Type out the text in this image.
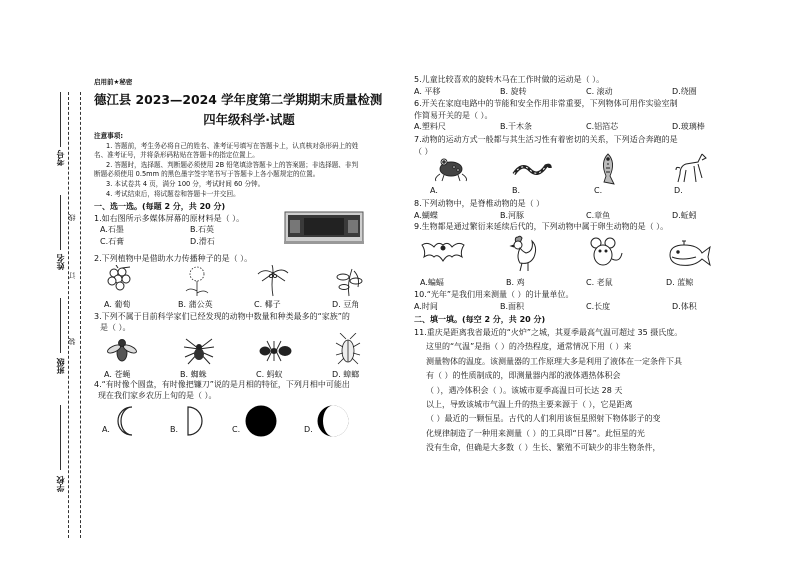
线
订
装
考号
姓名
班级
学校
启用前★秘密
德江县 2023—2024 学年度第二学期期末质量检测
四年级科学·试题
注意事项:
1. 答题前，考生务必将自己的姓名、准考证号填写在答题卡上，认真核对条形码上的姓
名、准考证号，并将条形码粘贴在答题卡的指定位置上。
2. 答题时，选择题、判断题必须使用 2B 铅笔填涂答题卡上的答案题；非选择题、非判
断题必须使用 0.5mm 的黑色墨字签字笔书写于答题卡上各小题规定的位置。
3. 本试卷共 4 页，满分 100 分，考试时间 60 分钟。
4. 考试结束后，将试题卷和答题卡一并交回。
一、选一选。(每题 2 分，共 20 分)
1.如右图所示多媒体屏幕的原材料是（ ）。
A.石墨	B.石英
C.石膏	D.滑石
2.下列植物中是借助水力传播种子的是（ ）。
A. 葡萄	B. 蒲公英	C. 椰子	D. 豆角
3.下列不属于目前科学家们已经发现的动物中数量和种类最多的“家族”的
是（ ）。
A. 苍蝇	B. 蜘蛛	C. 蚂蚁	D. 蟑螂
4.“有时像个圆盘，有时像把镰刀”说的是月相的特征，下列月相中可能出
现在我们家乡农历上旬的是（ ）。
A.	B.	C.	D.
5.儿童比较喜欢的旋转木马在工作时做的运动是（ ）。
A. 平移	B. 旋转	C. 滚动	D.绕圈
6.开关在家庭电路中的节能和安全作用非常重要，下列物体可用作实验室制
作简易开关的是（ ）。
A.塑料尺	B.干木条	C.铝箔芯	D.玻璃棒
7.动物的运动方式一般都与其生活习性有着密切的关系，下列适合奔跑的是
（ ）
A.	B.	C.	D.
8.下列动物中，是脊椎动物的是（ ）
A.蝴蝶	B.河豚	C.章鱼	D.蚯蚓
9.生物都是通过繁衍来延续后代的，下列动物中属于卵生动物的是（ ）。
A.蝙蝠	B. 鸡	C. 老鼠	D. 蓝鲸
10.“光年”是我们用来测量（ ）的计量单位。
A.时间	B.面积	C.长度	D.体积
二、填一填。(每空 2 分，共 20 分)
11.重庆是距离我省最近的“火炉”之城，其夏季最高气温可超过 35 摄氏度。
这里的“气温”是指（ ）的冷热程度，通常情况下用（ ）来
测量物体的温度。该测量器的工作原理大多是利用了液体在一定条件下具
有（ ）的性质制成的，即测量器内部的液体遇热体积会
（ ），遇冷体积会（ ）。该城市夏季高温日可长达 28 天
以上，导致该城市气温上升的热主要来源于（ ），它是距离
（ ）最近的一颗恒星。古代的人们利用该恒星照射下物体影子的变
化规律制造了一种用来测量（ ）的工具即“日晷”。此恒星的光
没有生命，但确是大多数（ ）生长、繁殖不可缺少的非生物条件，
